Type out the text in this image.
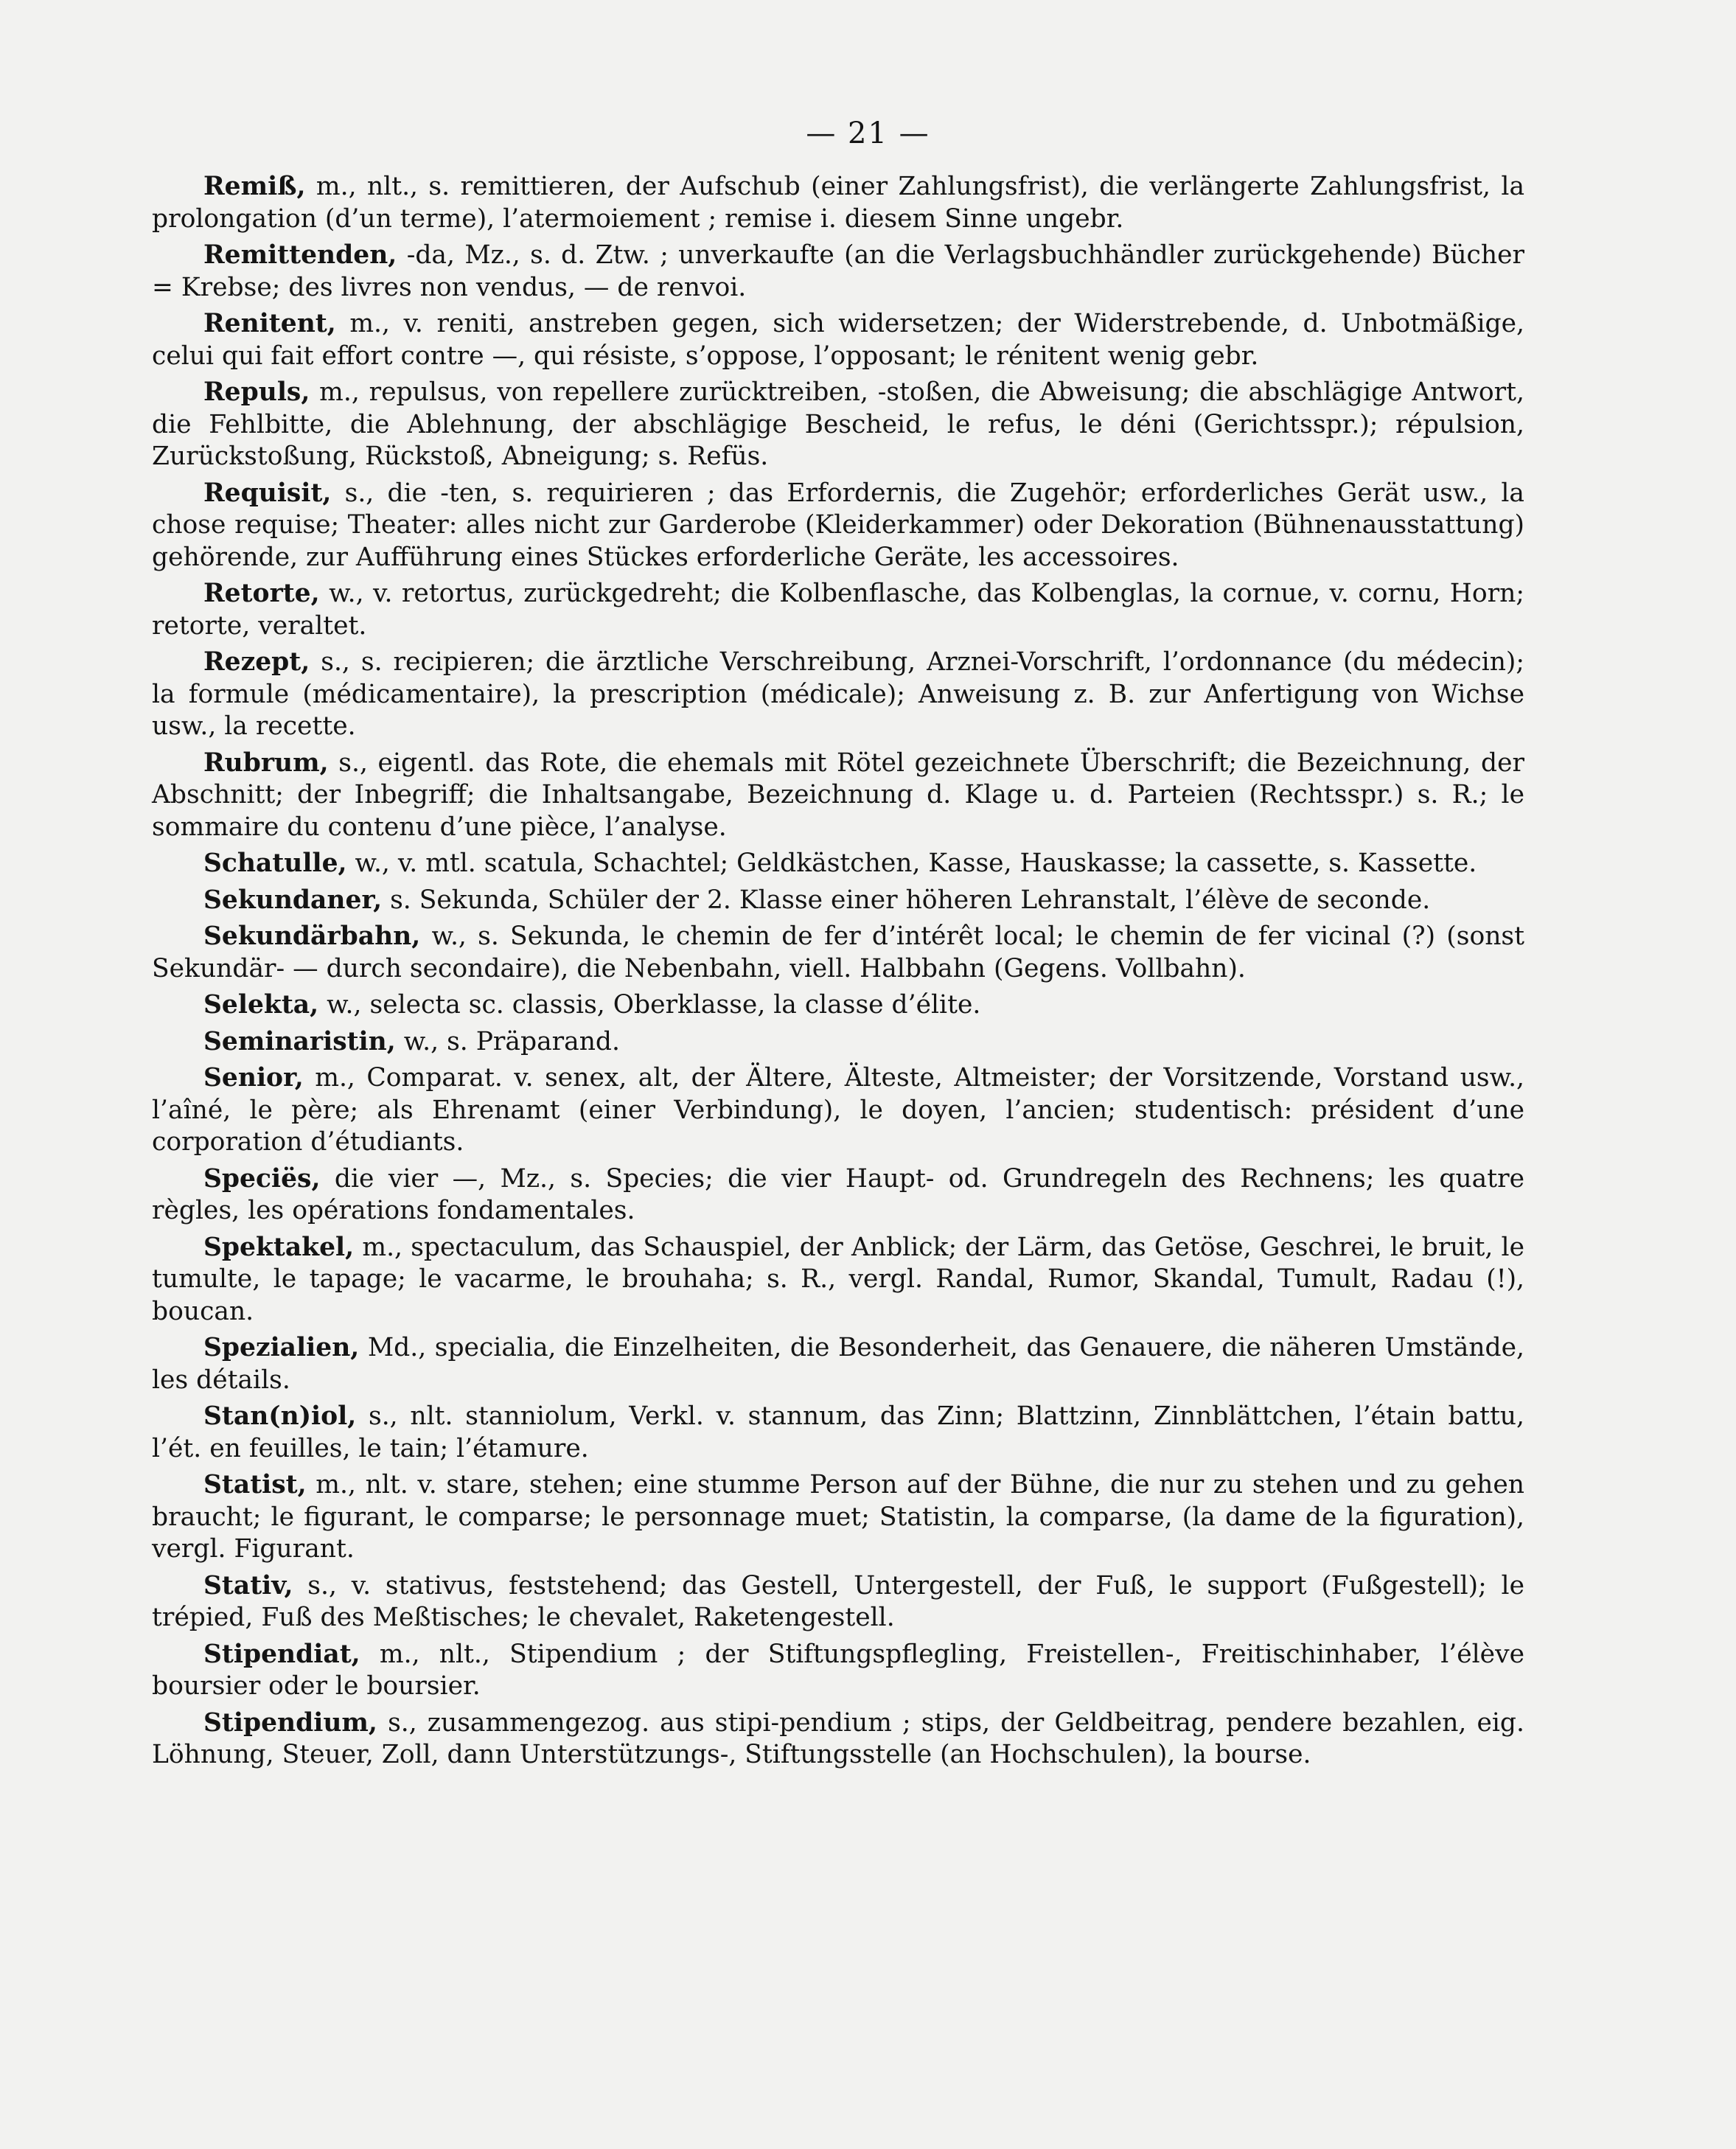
— 21 —

Remiß, m., nlt., s. remittieren, der Aufschub (einer Zahlungsfrist), die verlängerte Zahlungsfrist, la prolongation (d’un terme), l’atermoiement ; remise i. diesem Sinne ungebr.

Remittenden, -da, Mz., s. d. Ztw. ; unverkaufte (an die Verlagsbuchhändler zurückgehende) Bücher = Krebse; des livres non vendus, — de renvoi.

Renitent, m., v. reniti, anstreben gegen, sich widersetzen; der Widerstrebende, d. Unbotmäßige, celui qui fait effort contre —, qui résiste, s’oppose, l’opposant; le rénitent wenig gebr.

Repuls, m., repulsus, von repellere zurücktreiben, -stoßen, die Abweisung; die abschlägige Antwort, die Fehlbitte, die Ablehnung, der abschlägige Bescheid, le refus, le déni (Gerichtsspr.); répulsion, Zurückstoßung, Rückstoß, Abneigung; s. Refüs.

Requisit, s., die -ten, s. requirieren ; das Erfordernis, die Zugehör; erforderliches Gerät usw., la chose requise; Theater: alles nicht zur Garderobe (Kleiderkammer) oder Dekoration (Bühnenausstattung) gehörende, zur Aufführung eines Stückes erforderliche Geräte, les accessoires.

Retorte, w., v. retortus, zurückgedreht; die Kolbenflasche, das Kolbenglas, la cornue, v. cornu, Horn; retorte, veraltet.

Rezept, s., s. recipieren; die ärztliche Verschreibung, Arznei-Vorschrift, l’ordonnance (du médecin); la formule (médicamentaire), la prescription (médicale); Anweisung z. B. zur Anfertigung von Wichse usw., la recette.

Rubrum, s., eigentl. das Rote, die ehemals mit Rötel gezeichnete Überschrift; die Bezeichnung, der Abschnitt; der Inbegriff; die Inhaltsangabe, Bezeichnung d. Klage u. d. Parteien (Rechtsspr.) s. R.; le sommaire du contenu d’une pièce, l’analyse.

Schatulle, w., v. mtl. scatula, Schachtel; Geldkästchen, Kasse, Hauskasse; la cassette, s. Kassette.

Sekundaner, s. Sekunda, Schüler der 2. Klasse einer höheren Lehranstalt, l’élève de seconde.

Sekundärbahn, w., s. Sekunda, le chemin de fer d’intérêt local; le chemin de fer vicinal (?) (sonst Sekundär- — durch secondaire), die Nebenbahn, viell. Halbbahn (Gegens. Vollbahn).

Selekta, w., selecta sc. classis, Oberklasse, la classe d’élite.

Seminaristin, w., s. Präparand.

Senior, m., Comparat. v. senex, alt, der Ältere, Älteste, Altmeister; der Vorsitzende, Vorstand usw., l’aîné, le père; als Ehrenamt (einer Verbindung), le doyen, l’ancien; studentisch: président d’une corporation d’étudiants.

Speciës, die vier —, Mz., s. Species; die vier Haupt- od. Grundregeln des Rechnens; les quatre règles, les opérations fondamentales.

Spektakel, m., spectaculum, das Schauspiel, der Anblick; der Lärm, das Getöse, Geschrei, le bruit, le tumulte, le tapage; le vacarme, le brouhaha; s. R., vergl. Randal, Rumor, Skandal, Tumult, Radau (!), boucan.

Spezialien, Md., specialia, die Einzelheiten, die Besonderheit, das Genauere, die näheren Umstände, les détails.

Stan(n)iol, s., nlt. stanniolum, Verkl. v. stannum, das Zinn; Blattzinn, Zinnblättchen, l’étain battu, l’ét. en feuilles, le tain; l’étamure.

Statist, m., nlt. v. stare, stehen; eine stumme Person auf der Bühne, die nur zu stehen und zu gehen braucht; le figurant, le comparse; le personnage muet; Statistin, la comparse, (la dame de la figuration), vergl. Figurant.

Stativ, s., v. stativus, feststehend; das Gestell, Untergestell, der Fuß, le support (Fußgestell); le trépied, Fuß des Meßtisches; le chevalet, Raketengestell.

Stipendiat, m., nlt., Stipendium ; der Stiftungspflegling, Freistellen-, Freitischinhaber, l’élève boursier oder le boursier.

Stipendium, s., zusammengezog. aus stipi-pendium ; stips, der Geldbeitrag, pendere bezahlen, eig. Löhnung, Steuer, Zoll, dann Unterstützungs-, Stiftungsstelle (an Hochschulen), la bourse.
